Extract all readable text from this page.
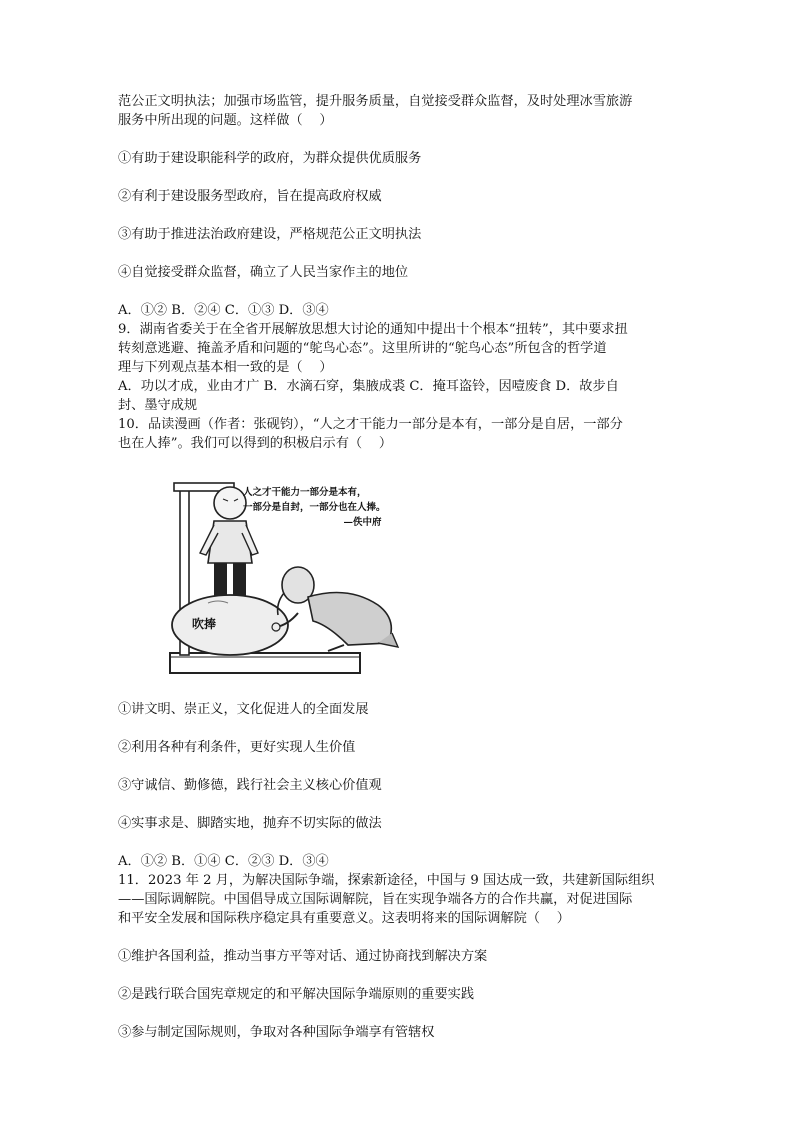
范公正文明执法；加强市场监管，提升服务质量，自觉接受群众监督，及时处理冰雪旅游

服务中所出现的问题。这样做（    ）

①有助于建设职能科学的政府，为群众提供优质服务

②有利于建设服务型政府，旨在提高政府权威

③有助于推进法治政府建设，严格规范公正文明执法

④自觉接受群众监督，确立了人民当家作主的地位

A．①② B．②④ C．①③ D．③④

9．湖南省委关于在全省开展解放思想大讨论的通知中提出十个根本“扭转”，其中要求扭

转刻意逃避、掩盖矛盾和问题的“鸵鸟心态”。这里所讲的“鸵鸟心态”所包含的哲学道

理与下列观点基本相一致的是（    ）

A．功以才成，业由才广 B．水滴石穿，集腋成裘 C．掩耳盗铃，因噎废食 D．故步自

封、墨守成规

10．品读漫画（作者：张砚钧），“人之才干能力一部分是本有，一部分是自居，一部分

也在人捧”。我们可以得到的积极启示有（    ）

人之才干能力一部分是本有，
一部分是自封，一部分也在人捧。
—佚中府
吹捧

①讲文明、崇正义，文化促进人的全面发展

②利用各种有利条件，更好实现人生价值

③守诚信、勤修德，践行社会主义核心价值观

④实事求是、脚踏实地，抛弃不切实际的做法

A．①② B．①④ C．②③ D．③④

11．2023 年 2 月，为解决国际争端，探索新途径，中国与 9 国达成一致，共建新国际组织

——国际调解院。中国倡导成立国际调解院，旨在实现争端各方的合作共赢，对促进国际

和平安全发展和国际秩序稳定具有重要意义。这表明将来的国际调解院（    ）

①维护各国利益，推动当事方平等对话、通过协商找到解决方案

②是践行联合国宪章规定的和平解决国际争端原则的重要实践

③参与制定国际规则，争取对各种国际争端享有管辖权
